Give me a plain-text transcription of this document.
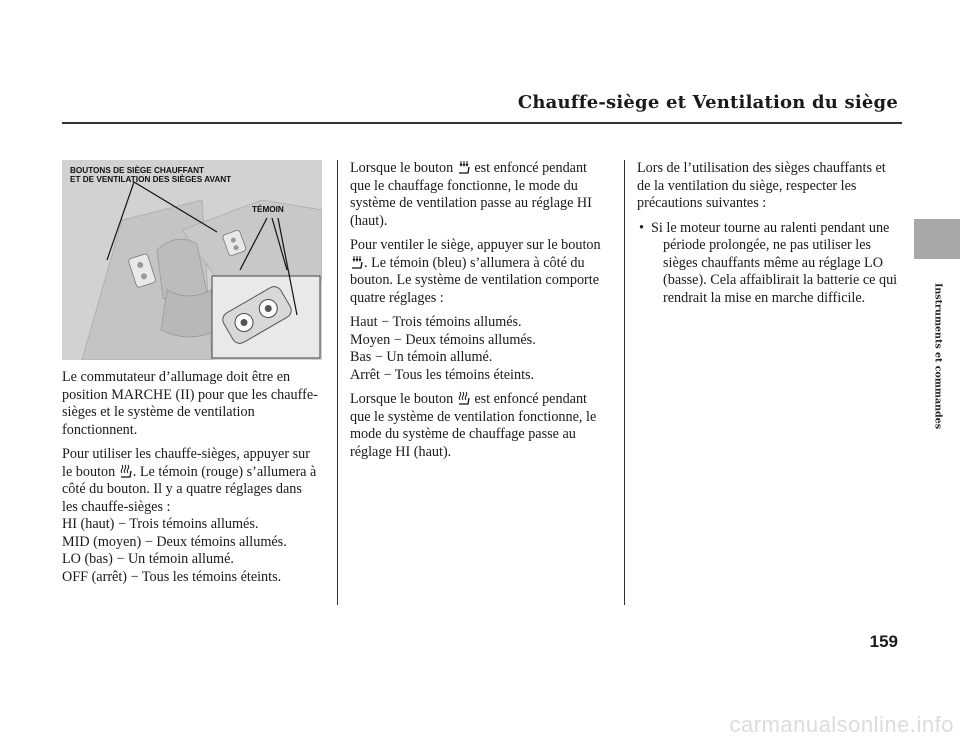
Chauffe-siège et Ventilation du siège
Instruments et commandes
BOUTONS DE SIÈGE CHAUFFANT
ET DE VENTILATION DES SIÈGES AVANT
TÉMOIN

Le commutateur d’allumage doit être en
position MARCHE (II) pour que les chauffe-
sièges et le système de ventilation
fonctionnent.

Pour utiliser les chauffe-sièges, appuyer sur
le bouton . Le témoin (rouge) s’allumera à
côté du bouton. Il y a quatre réglages dans
les chauffe-sièges :
HI (haut) − Trois témoins allumés.
MID (moyen) − Deux témoins allumés.
LO (bas) − Un témoin allumé.
OFF (arrêt) − Tous les témoins éteints.

Lorsque le bouton est enfoncé pendant
que le chauffage fonctionne, le mode du
système de ventilation passe au réglage HI
(haut).

Pour ventiler le siège, appuyer sur le bouton
. Le témoin (bleu) s’allumera à côté du
bouton. Le système de ventilation comporte
quatre réglages :

Haut − Trois témoins allumés.
Moyen − Deux témoins allumés.
Bas − Un témoin allumé.
Arrêt − Tous les témoins éteints.

Lorsque le bouton est enfoncé pendant
que le système de ventilation fonctionne, le
mode du système de chauffage passe au
réglage HI (haut).

Lors de l’utilisation des sièges chauffants et
de la ventilation du siège, respecter les
précautions suivantes :

• Si le moteur tourne au ralenti pendant une
période prolongée, ne pas utiliser les
sièges chauffants même au réglage LO
(basse). Cela affaiblirait la batterie ce qui
rendrait la mise en marche difficile.
159
carmanualsonline.info
